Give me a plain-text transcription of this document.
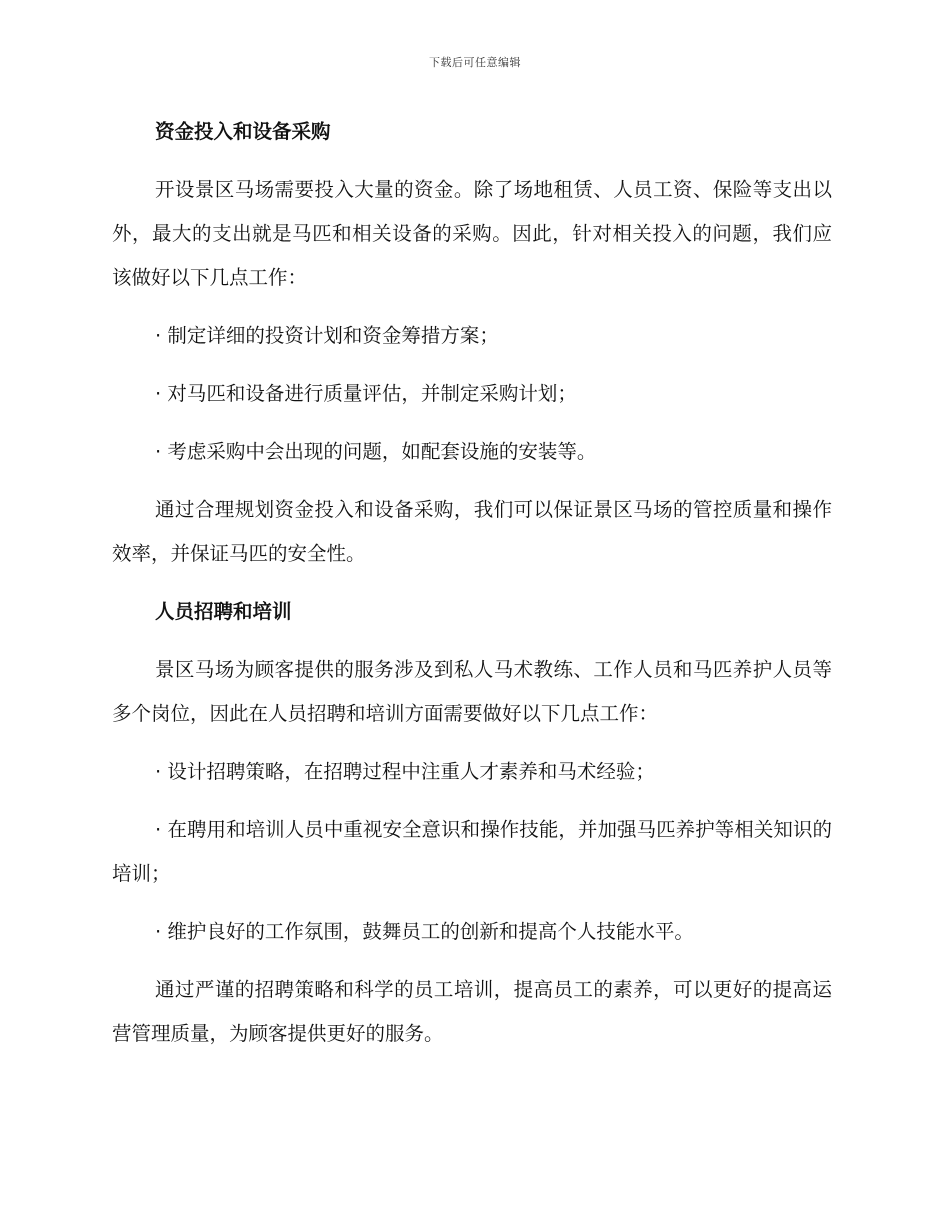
下载后可任意编辑
资金投入和设备采购
开设景区马场需要投入大量的资金。除了场地租赁、人员工资、保险等支出以外，最大的支出就是马匹和相关设备的采购。因此，针对相关投入的问题，我们应该做好以下几点工作：
· 制定详细的投资计划和资金筹措方案；
· 对马匹和设备进行质量评估，并制定采购计划；
· 考虑采购中会出现的问题，如配套设施的安装等。
通过合理规划资金投入和设备采购，我们可以保证景区马场的管控质量和操作效率，并保证马匹的安全性。
人员招聘和培训
景区马场为顾客提供的服务涉及到私人马术教练、工作人员和马匹养护人员等多个岗位，因此在人员招聘和培训方面需要做好以下几点工作：
· 设计招聘策略，在招聘过程中注重人才素养和马术经验；
· 在聘用和培训人员中重视安全意识和操作技能，并加强马匹养护等相关知识的培训；
· 维护良好的工作氛围，鼓舞员工的创新和提高个人技能水平。
通过严谨的招聘策略和科学的员工培训，提高员工的素养，可以更好的提高运营管理质量，为顾客提供更好的服务。
